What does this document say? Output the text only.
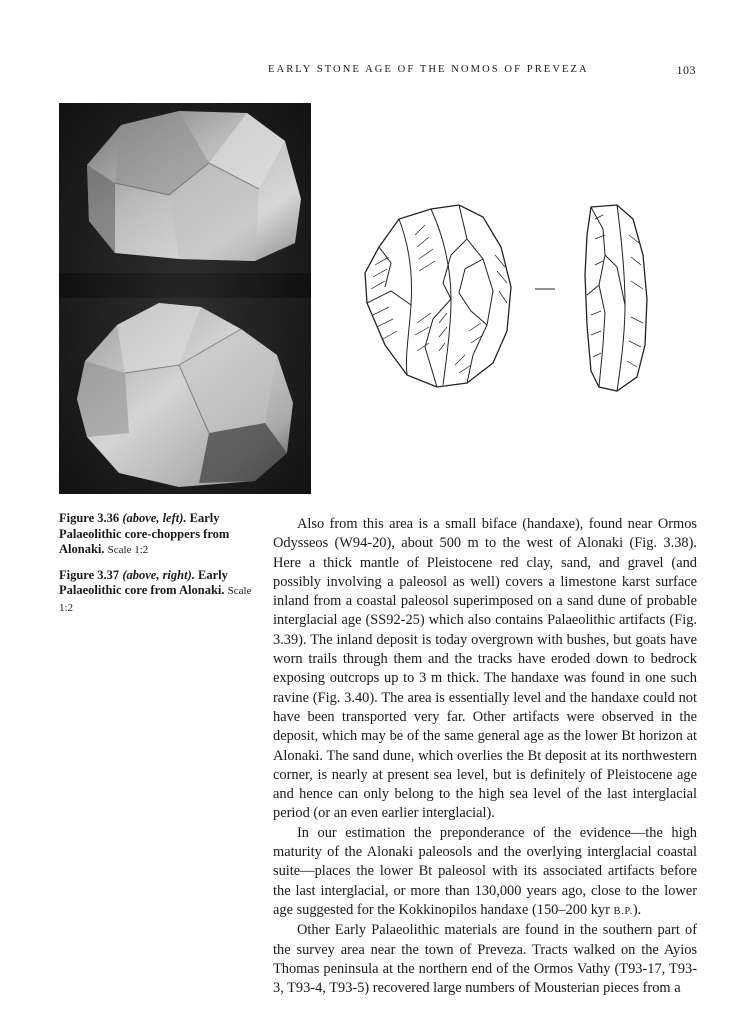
EARLY STONE AGE OF THE NOMOS OF PREVEZA	103

Figure 3.36 (above, left). Early Palaeolithic core-choppers from Alonaki. Scale 1:2

Figure 3.37 (above, right). Early Palaeolithic core from Alonaki. Scale 1:2

Also from this area is a small biface (handaxe), found near Ormos Odysseos (W94-20), about 500 m to the west of Alonaki (Fig. 3.38). Here a thick mantle of Pleistocene red clay, sand, and gravel (and possibly involving a paleosol as well) covers a limestone karst surface inland from a coastal paleosol superimposed on a sand dune of probable interglacial age (SS92-25) which also contains Palaeolithic artifacts (Fig. 3.39). The inland deposit is today overgrown with bushes, but goats have worn trails through them and the tracks have eroded down to bedrock exposing outcrops up to 3 m thick. The handaxe was found in one such ravine (Fig. 3.40). The area is essentially level and the handaxe could not have been transported very far. Other artifacts were observed in the deposit, which may be of the same general age as the lower Bt horizon at Alonaki. The sand dune, which overlies the Bt deposit at its northwestern corner, is nearly at present sea level, but is definitely of Pleistocene age and hence can only belong to the high sea level of the last interglacial period (or an even earlier interglacial).

In our estimation the preponderance of the evidence—the high maturity of the Alonaki paleosols and the overlying interglacial coastal suite—places the lower Bt paleosol with its associated artifacts before the last interglacial, or more than 130,000 years ago, close to the lower age suggested for the Kokkinopilos handaxe (150–200 kyr B.P.).

Other Early Palaeolithic materials are found in the southern part of the survey area near the town of Preveza. Tracts walked on the Ayios Thomas peninsula at the northern end of the Ormos Vathy (T93-17, T93-3, T93-4, T93-5) recovered large numbers of Mousterian pieces from a
